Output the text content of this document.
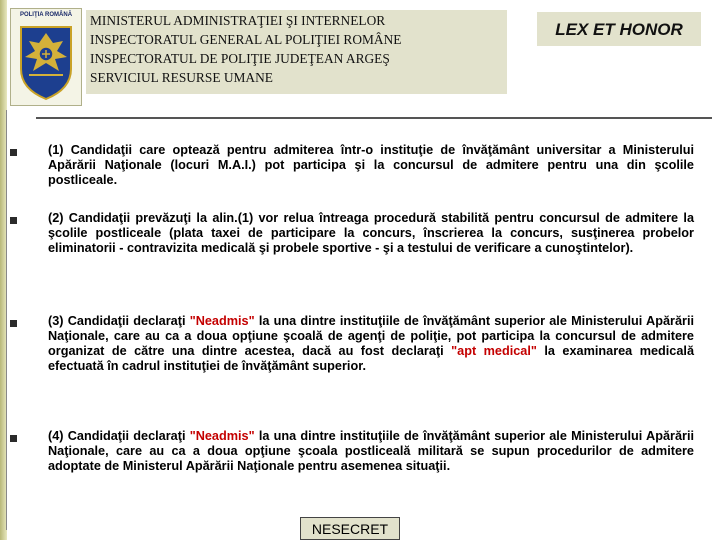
POLIŢIA ROMÂNĂ	MINISTERUL ADMINISTRAŢIEI ŞI INTERNELOR
INSPECTORATUL GENERAL AL POLIŢIEI ROMÂNE
INSPECTORATUL DE POLIŢIE JUDEŢEAN ARGEŞ
SERVICIUL RESURSE UMANE
LEX ET HONOR

(1) Candidaţii care optează pentru admiterea într-o instituţie de învăţământ universitar a Ministerului Apărării Naţionale (locuri M.A.I.) pot participa şi la concursul de admitere pentru una din şcolile postliceale.

(2) Candidaţii prevăzuţi la alin.(1) vor relua întreaga procedură stabilită pentru concursul de admitere la şcolile postliceale (plata taxei de participare la concurs, înscrierea la concurs, susţinerea probelor eliminatorii - contravizita medicală şi probele sportive - şi a testului de verificare a cunoştintelor).

(3) Candidaţii declaraţi "Neadmis" la una dintre instituţiile de învăţământ superior ale Ministerului Apărării Naţionale, care au ca a doua opţiune şcoală de agenţi de poliţie, pot participa la concursul de admitere organizat de către una dintre acestea, dacă au fost declaraţi "apt medical" la examinarea medicală efectuată în cadrul instituţiei de învăţământ superior.

(4) Candidaţii declaraţi "Neadmis" la una dintre instituţiile de învăţământ superior ale Ministerului Apărării Naţionale, care au ca a doua opţiune şcoala postliceală militară se supun procedurilor de admitere adoptate de Ministerul Apărării Naţionale pentru asemenea situaţii.

NESECRET
